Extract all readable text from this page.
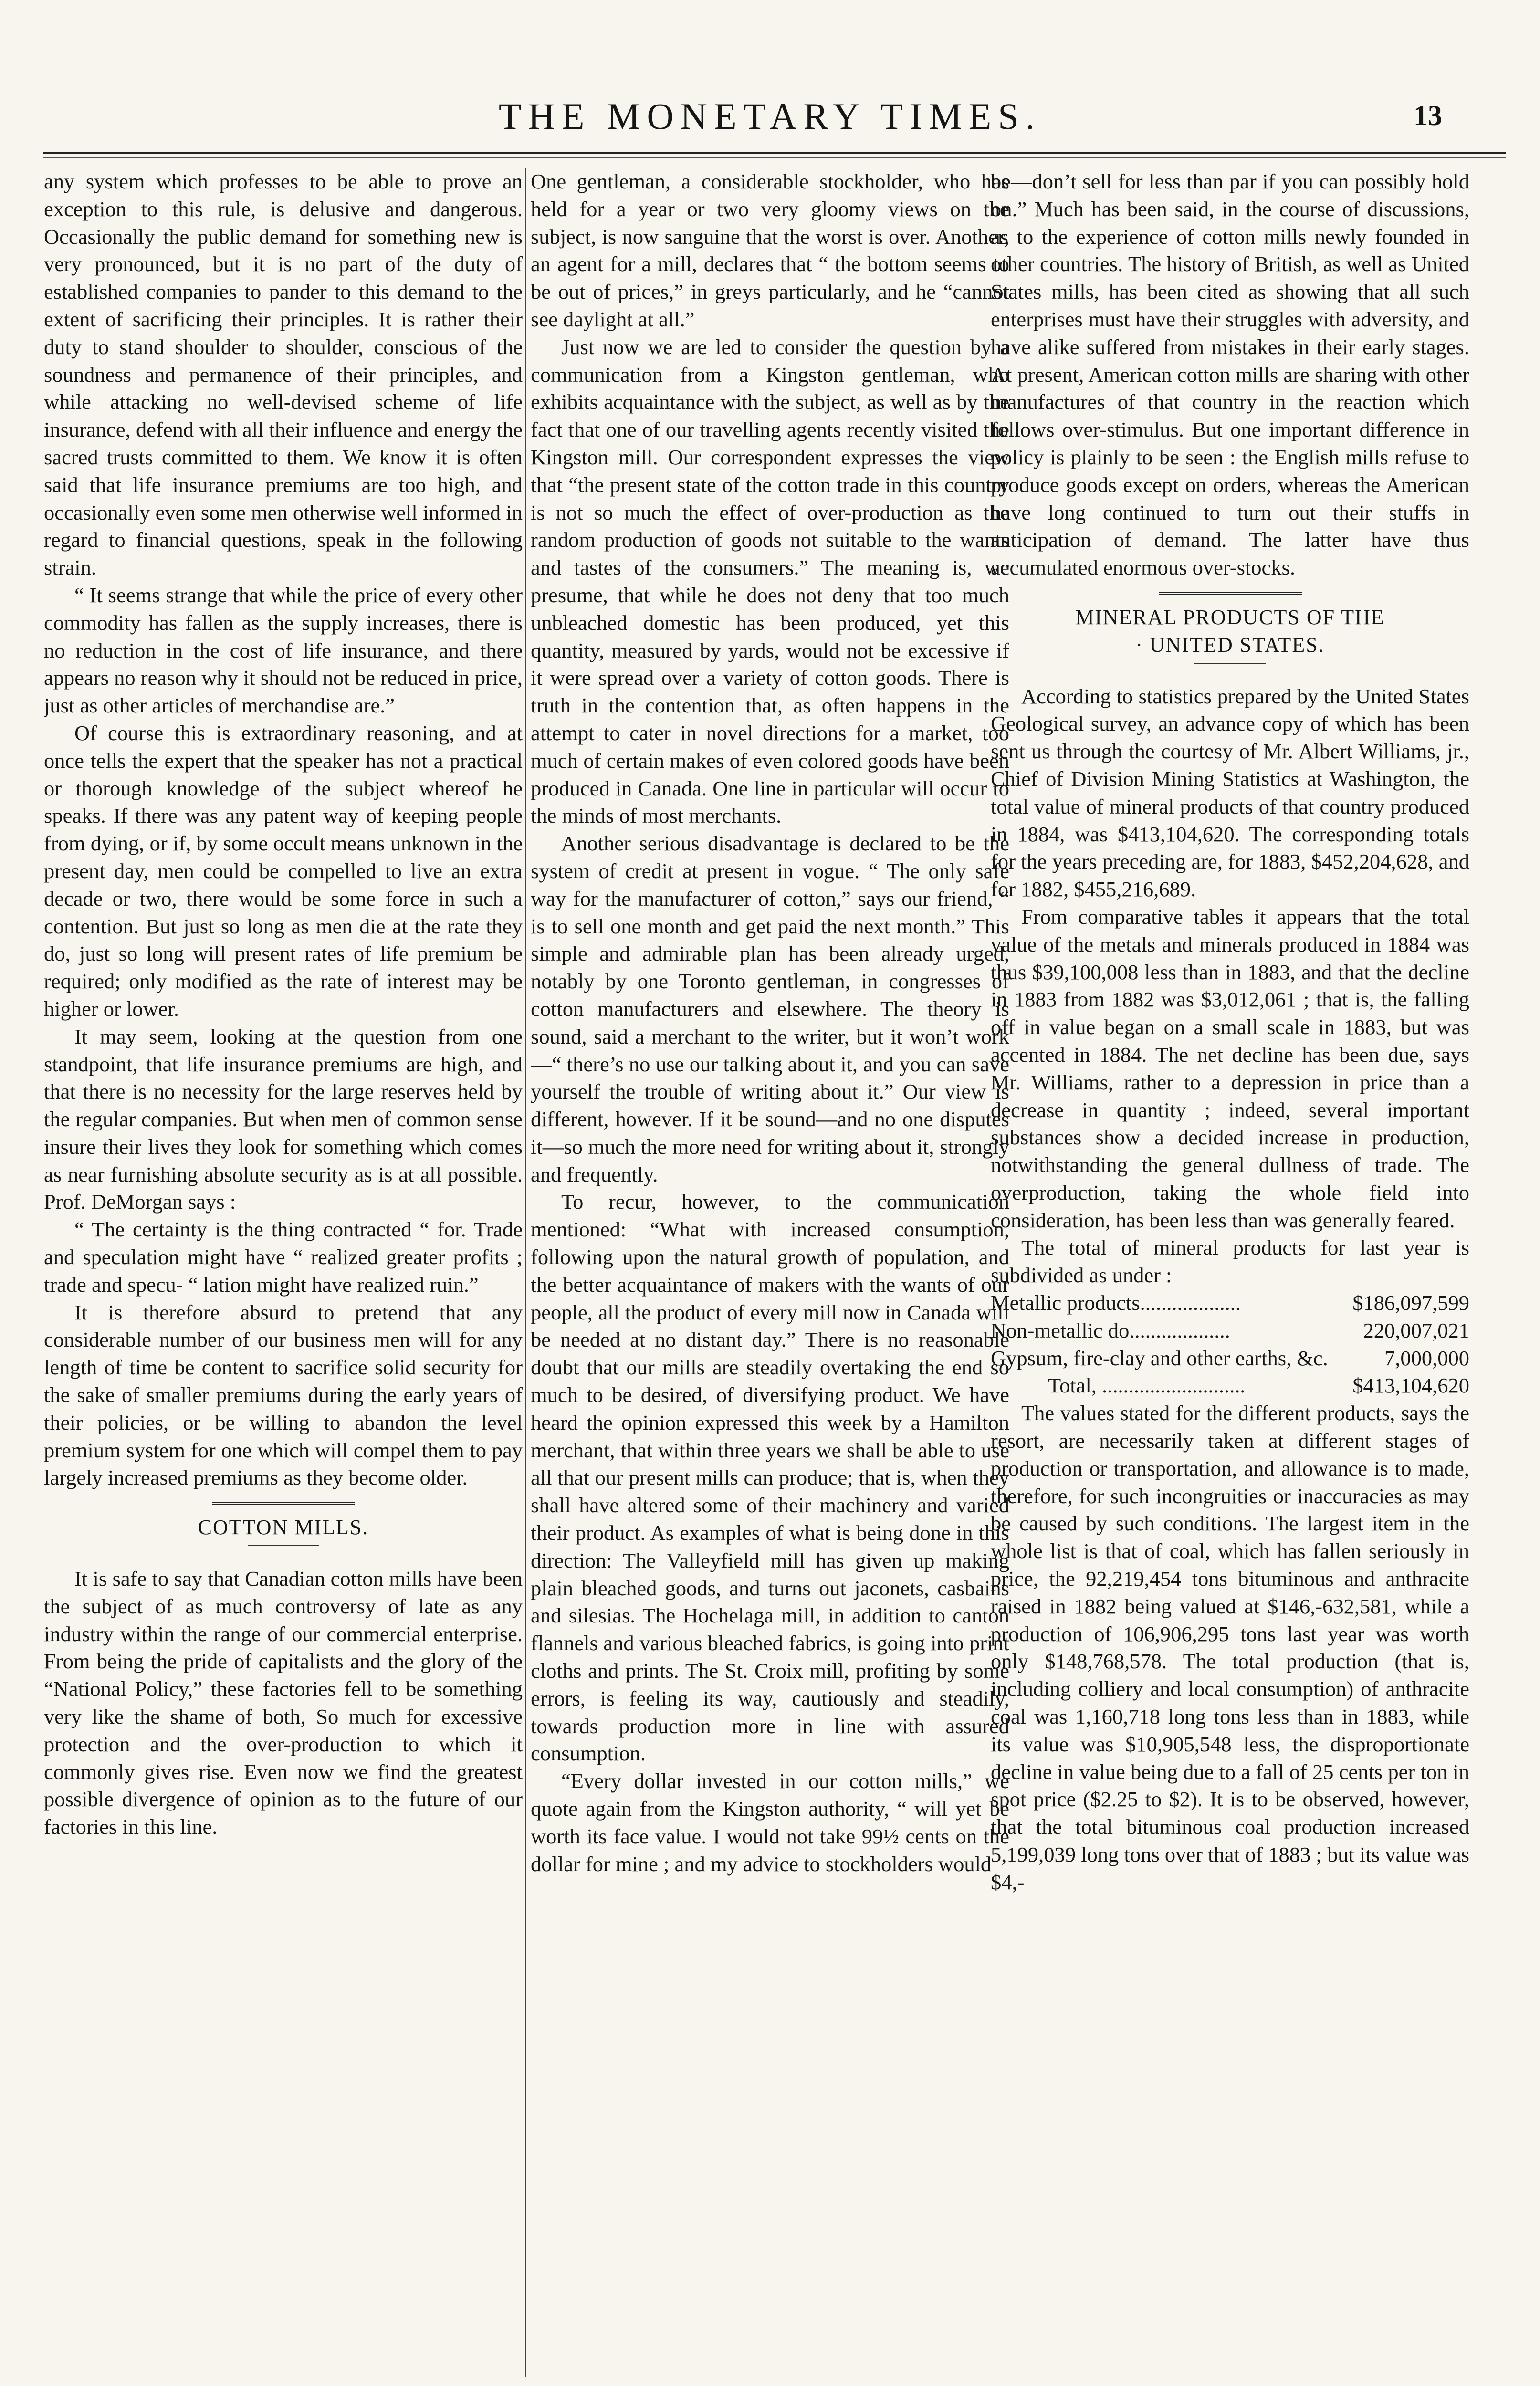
THE MONETARY TIMES.	13

any system which professes to be able to prove an exception to this rule, is delusive and dangerous. Occasionally the public demand for something new is very pronounced, but it is no part of the duty of established companies to pander to this demand to the extent of sacrificing their principles. It is rather their duty to stand shoulder to shoulder, conscious of the soundness and permanence of their principles, and while attacking no well-devised scheme of life insurance, defend with all their influence and energy the sacred trusts committed to them. We know it is often said that life insurance premiums are too high, and occasionally even some men otherwise well informed in regard to financial questions, speak in the following strain.

“ It seems strange that while the price of every other commodity has fallen as the supply increases, there is no reduction in the cost of life insurance, and there appears no reason why it should not be reduced in price, just as other articles of merchandise are.”

Of course this is extraordinary reasoning, and at once tells the expert that the speaker has not a practical or thorough knowledge of the subject whereof he speaks. If there was any patent way of keeping people from dying, or if, by some occult means unknown in the present day, men could be compelled to live an extra decade or two, there would be some force in such a contention. But just so long as men die at the rate they do, just so long will present rates of life premium be required; only modified as the rate of interest may be higher or lower.

It may seem, looking at the question from one standpoint, that life insurance premiums are high, and that there is no necessity for the large reserves held by the regular companies. But when men of common sense insure their lives they look for something which comes as near furnishing absolute security as is at all possible. Prof. DeMorgan says :

“ The certainty is the thing contracted “ for. Trade and speculation might have “ realized greater profits ; trade and specu- “ lation might have realized ruin.”

It is therefore absurd to pretend that any considerable number of our business men will for any length of time be content to sacrifice solid security for the sake of smaller premiums during the early years of their policies, or be willing to abandon the level premium system for one which will compel them to pay largely increased premiums as they become older.

COTTON MILLS.

It is safe to say that Canadian cotton mills have been the subject of as much controversy of late as any industry within the range of our commercial enterprise. From being the pride of capitalists and the glory of the “National Policy,” these factories fell to be something very like the shame of both, So much for excessive protection and the over-production to which it commonly gives rise. Even now we find the greatest possible divergence of opinion as to the future of our factories in this line.

One gentleman, a considerable stockholder, who has held for a year or two very gloomy views on the subject, is now sanguine that the worst is over. Another, an agent for a mill, declares that “ the bottom seems to be out of prices,” in greys particularly, and he “cannot see daylight at all.”

Just now we are led to consider the question by a communication from a Kingston gentleman, who exhibits acquaintance with the subject, as well as by the fact that one of our travelling agents recently visited the Kingston mill. Our correspondent expresses the view that “the present state of the cotton trade in this country is not so much the effect of over-production as the random production of goods not suitable to the wants and tastes of the consumers.” The meaning is, we presume, that while he does not deny that too much unbleached domestic has been produced, yet this quantity, measured by yards, would not be excessive if it were spread over a variety of cotton goods. There is truth in the contention that, as often happens in the attempt to cater in novel directions for a market, too much of certain makes of even colored goods have been produced in Canada. One line in particular will occur to the minds of most merchants.

Another serious disadvantage is declared to be the system of credit at present in vogue. “ The only safe way for the manufacturer of cotton,” says our friend, “ is to sell one month and get paid the next month.” This simple and admirable plan has been already urged, notably by one Toronto gentleman, in congresses of cotton manufacturers and elsewhere. The theory is sound, said a merchant to the writer, but it won’t work—“ there’s no use our talking about it, and you can save yourself the trouble of writing about it.” Our view is different, however. If it be sound—and no one disputes it—so much the more need for writing about it, strongly and frequently.

To recur, however, to the communication mentioned: “What with increased consumption, following upon the natural growth of population, and the better acquaintance of makers with the wants of our people, all the product of every mill now in Canada will be needed at no distant day.” There is no reasonable doubt that our mills are steadily overtaking the end so much to be desired, of diversifying product. We have heard the opinion expressed this week by a Hamilton merchant, that within three years we shall be able to use all that our present mills can produce; that is, when they shall have altered some of their machinery and varied their product. As examples of what is being done in this direction: The Valleyfield mill has given up making plain bleached goods, and turns out jaconets, casbains and silesias. The Hochelaga mill, in addition to canton flannels and various bleached fabrics, is going into print cloths and prints. The St. Croix mill, profiting by some errors, is feeling its way, cautiously and steadily, towards production more in line with assured consumption.

“Every dollar invested in our cotton mills,” we quote again from the Kingston authority, “ will yet be worth its face value. I would not take 99½ cents on the dollar for mine ; and my advice to stockholders would

be—don’t sell for less than par if you can possibly hold on.” Much has been said, in the course of discussions, as to the experience of cotton mills newly founded in other countries. The history of British, as well as United States mills, has been cited as showing that all such enterprises must have their struggles with adversity, and have alike suffered from mistakes in their early stages. At present, American cotton mills are sharing with other manufactures of that country in the reaction which follows over-stimulus. But one important difference in policy is plainly to be seen : the English mills refuse to produce goods except on orders, whereas the American have long continued to turn out their stuffs in anticipation of demand. The latter have thus accumulated enormous over-stocks.

MINERAL PRODUCTS OF THE
· UNITED STATES.

According to statistics prepared by the United States Geological survey, an advance copy of which has been sent us through the courtesy of Mr. Albert Williams, jr., Chief of Division Mining Statistics at Washington, the total value of mineral products of that country produced in 1884, was $413,104,620. The corresponding totals for the years preceding are, for 1883, $452,204,628, and for 1882, $455,216,689.

From comparative tables it appears that the total value of the metals and minerals produced in 1884 was thus $39,100,008 less than in 1883, and that the decline in 1883 from 1882 was $3,012,061 ; that is, the falling off in value began on a small scale in 1883, but was accented in 1884. The net decline has been due, says Mr. Williams, rather to a depression in price than a decrease in quantity ; indeed, several important substances show a decided increase in production, notwithstanding the general dullness of trade. The overproduction, taking the whole field into consideration, has been less than was generally feared.

The total of mineral products for last year is subdivided as under :

Metallic products...................	$186,097,599
Non-metallic do...................	220,007,021
Gypsum, fire-clay and other earths, &c.	7,000,000
Total, ...........................	$413,104,620

The values stated for the different products, says the resort, are necessarily taken at different stages of production or transportation, and allowance is to made, therefore, for such incongruities or inaccuracies as may be caused by such conditions. The largest item in the whole list is that of coal, which has fallen seriously in price, the 92,219,454 tons bituminous and anthracite raised in 1882 being valued at $146,-632,581, while a production of 106,906,295 tons last year was worth only $148,768,578. The total production (that is, including colliery and local consumption) of anthracite coal was 1,160,718 long tons less than in 1883, while its value was $10,905,548 less, the disproportionate decline in value being due to a fall of 25 cents per ton in spot price ($2.25 to $2). It is to be observed, however, that the total bituminous coal production increased 5,199,039 long tons over that of 1883 ; but its value was $4,-
